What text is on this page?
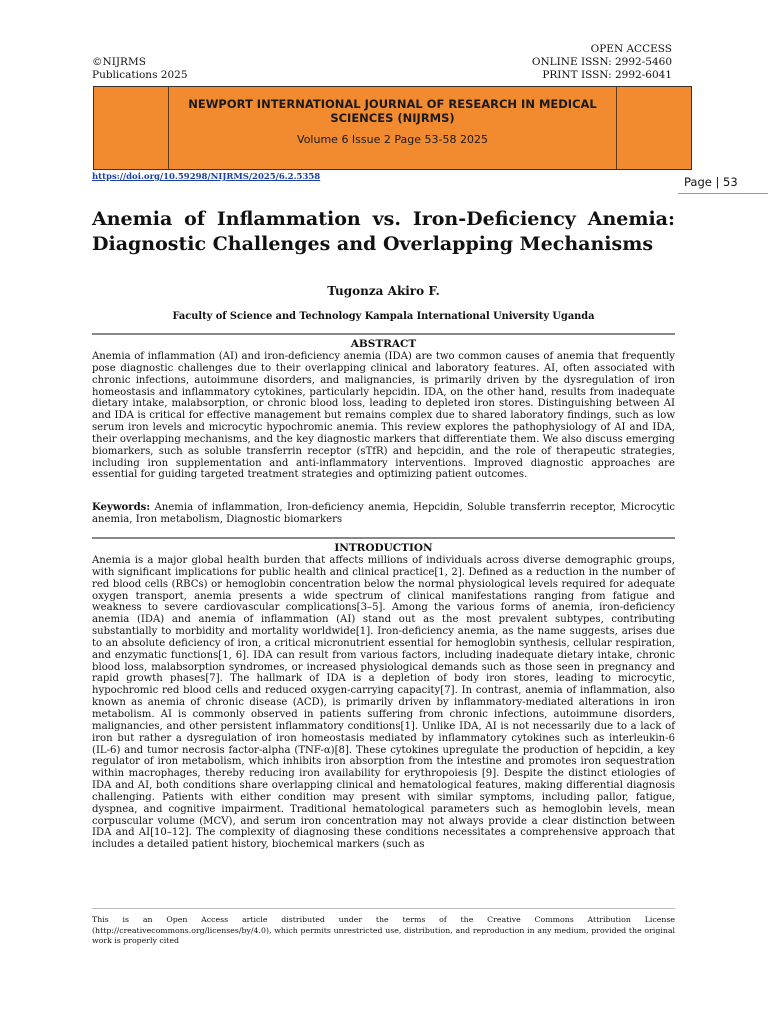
©NIJRMS
Publications 2025
OPEN ACCESS
ONLINE ISSN: 2992-5460
PRINT ISSN: 2992-6041
NEWPORT INTERNATIONAL JOURNAL OF RESEARCH IN MEDICAL SCIENCES (NIJRMS)
Volume 6 Issue 2 Page 53-58 2025
https://doi.org/10.59298/NIJRMS/2025/6.2.5358	Page | 53
Anemia of Inflammation vs. Iron-Deficiency Anemia: Diagnostic Challenges and Overlapping Mechanisms
Tugonza Akiro F.
Faculty of Science and Technology Kampala International University Uganda
ABSTRACT
Anemia of inflammation (AI) and iron-deficiency anemia (IDA) are two common causes of anemia that frequently pose diagnostic challenges due to their overlapping clinical and laboratory features. AI, often associated with chronic infections, autoimmune disorders, and malignancies, is primarily driven by the dysregulation of iron homeostasis and inflammatory cytokines, particularly hepcidin. IDA, on the other hand, results from inadequate dietary intake, malabsorption, or chronic blood loss, leading to depleted iron stores. Distinguishing between AI and IDA is critical for effective management but remains complex due to shared laboratory findings, such as low serum iron levels and microcytic hypochromic anemia. This review explores the pathophysiology of AI and IDA, their overlapping mechanisms, and the key diagnostic markers that differentiate them. We also discuss emerging biomarkers, such as soluble transferrin receptor (sTfR) and hepcidin, and the role of therapeutic strategies, including iron supplementation and anti-inflammatory interventions. Improved diagnostic approaches are essential for guiding targeted treatment strategies and optimizing patient outcomes.
Keywords: Anemia of inflammation, Iron-deficiency anemia, Hepcidin, Soluble transferrin receptor, Microcytic anemia, Iron metabolism, Diagnostic biomarkers
INTRODUCTION
Anemia is a major global health burden that affects millions of individuals across diverse demographic groups, with significant implications for public health and clinical practice[1, 2]. Defined as a reduction in the number of red blood cells (RBCs) or hemoglobin concentration below the normal physiological levels required for adequate oxygen transport, anemia presents a wide spectrum of clinical manifestations ranging from fatigue and weakness to severe cardiovascular complications[3–5]. Among the various forms of anemia, iron-deficiency anemia (IDA) and anemia of inflammation (AI) stand out as the most prevalent subtypes, contributing substantially to morbidity and mortality worldwide[1]. Iron-deficiency anemia, as the name suggests, arises due to an absolute deficiency of iron, a critical micronutrient essential for hemoglobin synthesis, cellular respiration, and enzymatic functions[1, 6]. IDA can result from various factors, including inadequate dietary intake, chronic blood loss, malabsorption syndromes, or increased physiological demands such as those seen in pregnancy and rapid growth phases[7]. The hallmark of IDA is a depletion of body iron stores, leading to microcytic, hypochromic red blood cells and reduced oxygen-carrying capacity[7]. In contrast, anemia of inflammation, also known as anemia of chronic disease (ACD), is primarily driven by inflammatory-mediated alterations in iron metabolism. AI is commonly observed in patients suffering from chronic infections, autoimmune disorders, malignancies, and other persistent inflammatory conditions[1]. Unlike IDA, AI is not necessarily due to a lack of iron but rather a dysregulation of iron homeostasis mediated by inflammatory cytokines such as interleukin-6 (IL-6) and tumor necrosis factor-alpha (TNF-α)[8]. These cytokines upregulate the production of hepcidin, a key regulator of iron metabolism, which inhibits iron absorption from the intestine and promotes iron sequestration within macrophages, thereby reducing iron availability for erythropoiesis [9]. Despite the distinct etiologies of IDA and AI, both conditions share overlapping clinical and hematological features, making differential diagnosis challenging. Patients with either condition may present with similar symptoms, including pallor, fatigue, dyspnea, and cognitive impairment. Traditional hematological parameters such as hemoglobin levels, mean corpuscular volume (MCV), and serum iron concentration may not always provide a clear distinction between IDA and AI[10–12]. The complexity of diagnosing these conditions necessitates a comprehensive approach that includes a detailed patient history, biochemical markers (such as
This is an Open Access article distributed under the terms of the Creative Commons Attribution License (http://creativecommons.org/licenses/by/4.0), which permits unrestricted use, distribution, and reproduction in any medium, provided the original work is properly cited
